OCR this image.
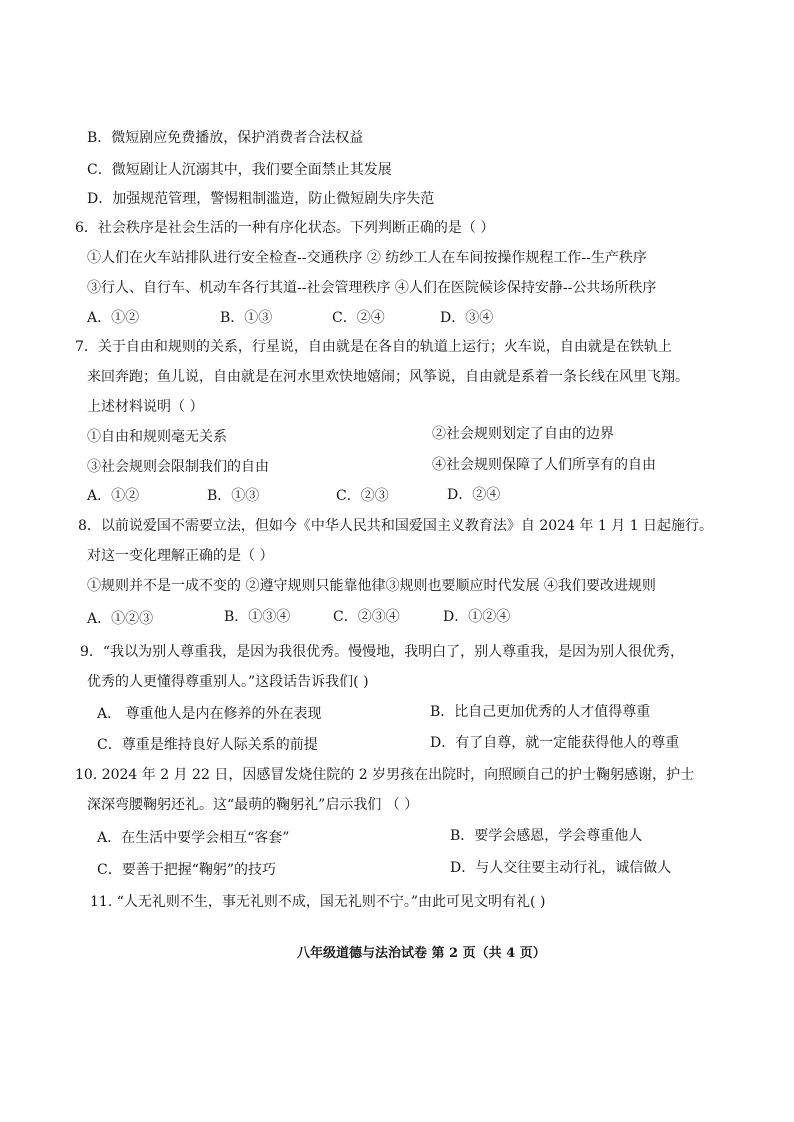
B．微短剧应免费播放，保护消费者合法权益
C．微短剧让人沉溺其中，我们要全面禁止其发展
D．加强规范管理，警惕粗制滥造，防止微短剧失序失范
6．社会秩序是社会生活的一种有序化状态。下列判断正确的是（ ）
①人们在火车站排队进行安全检查--交通秩序 ② 纺纱工人在车间按操作规程工作--生产秩序
③行人、自行车、机动车各行其道--社会管理秩序 ④人们在医院候诊保持安静--公共场所秩序
A．①②	B．①③	C．②④	D．③④
7．关于自由和规则的关系，行星说，自由就是在各自的轨道上运行；火车说，自由就是在铁轨上
来回奔跑；鱼儿说，自由就是在河水里欢快地嬉闹；风筝说，自由就是系着一条长线在风里飞翔。
上述材料说明（ ）
①自由和规则毫无关系	②社会规则划定了自由的边界
③社会规则会限制我们的自由	④社会规则保障了人们所享有的自由
A．①②	B．①③	C．②③	D．②④
8．以前说爱国不需要立法，但如今《中华人民共和国爱国主义教育法》自 2024 年 1 月 1 日起施行。
对这一变化理解正确的是（ ）
①规则并不是一成不变的 ②遵守规则只能靠他律③规则也要顺应时代发展 ④我们要改进规则
A．①②③	B．①③④	C．②③④	D．①②④
9．“我以为别人尊重我，是因为我很优秀。慢慢地，我明白了，别人尊重我，是因为别人很优秀，
优秀的人更懂得尊重别人。”这段话告诉我们( )
A． 尊重他人是内在修养的外在表现	B．比自己更加优秀的人才值得尊重
C．尊重是维持良好人际关系的前提	D．有了自尊，就一定能获得他人的尊重
10. 2024 年 2 月 22 日，因感冒发烧住院的 2 岁男孩在出院时，向照顾自己的护士鞠躬感谢，护士
深深弯腰鞠躬还礼。这“最萌的鞠躬礼”启示我们 （ ）
A．在生活中要学会相互“客套”	B．要学会感恩，学会尊重他人
C．要善于把握“鞠躬”的技巧	D．与人交往要主动行礼，诚信做人
11. “人无礼则不生，事无礼则不成，国无礼则不宁。”由此可见文明有礼( )
八年级道德与法治试卷 第 2 页（共 4 页）
